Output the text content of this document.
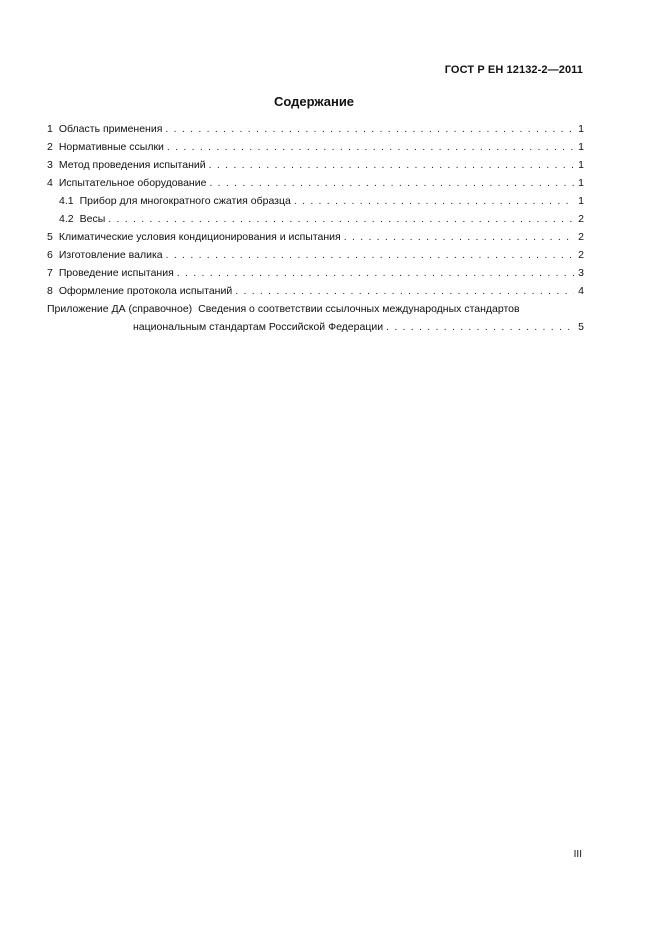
ГОСТ Р ЕН 12132-2—2011
Содержание
1 Область применения . . .	1
2 Нормативные ссылки . . .	1
3 Метод проведения испытаний . . .	1
4 Испытательное оборудование . . .	1
4.1 Прибор для многократного сжатия образца . . .	1
4.2 Весы . . .	2
5 Климатические условия кондиционирования и испытания . . .	2
6 Изготовление валика . . .	2
7 Проведение испытания . . .	3
8 Оформление протокола испытаний . . .	4
Приложение ДА (справочное) Сведения о соответствии ссылочных международных стандартов
национальным стандартам Российской Федерации . . .	5
III
